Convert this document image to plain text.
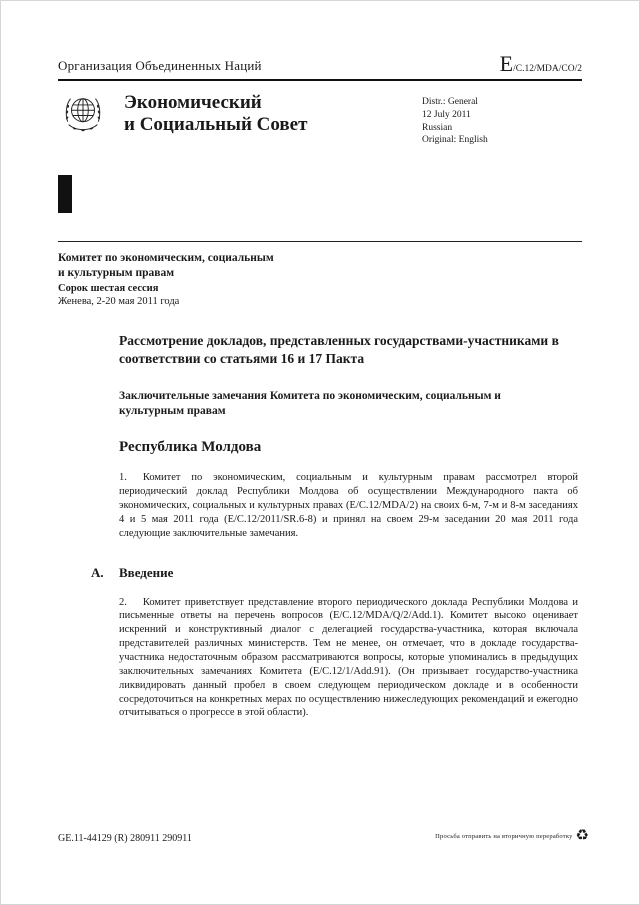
Организация Объединенных Наций	E/C.12/MDA/CO/2
Экономический
и Социальный Совет
Distr.: General
12 July 2011
Russian
Original: English
Комитет по экономическим, социальным
и культурным правам
Сорок шестая сессия
Женева, 2-20 мая 2011 года
Рассмотрение докладов, представленных государствами-участниками в соответствии со статьями 16 и 17 Пакта
Заключительные замечания Комитета по экономическим, социальным и культурным правам
Республика Молдова
1. Комитет по экономическим, социальным и культурным правам рассмотрел второй периодический доклад Республики Молдова об осуществлении Международного пакта об экономических, социальных и культурных правах (E/C.12/MDA/2) на своих 6-м, 7-м и 8-м заседаниях 4 и 5 мая 2011 года (E/C.12/2011/SR.6-8) и принял на своем 29-м заседании 20 мая 2011 года следующие заключительные замечания.
A. Введение
2. Комитет приветствует представление второго периодического доклада Республики Молдова и письменные ответы на перечень вопросов (E/C.12/MDA/Q/2/Add.1). Комитет высоко оценивает искренний и конструктивный диалог с делегацией государства-участника, которая включала представителей различных министерств. Тем не менее, он отмечает, что в докладе государства-участника недостаточным образом рассматриваются вопросы, которые упоминались в предыдущих заключительных замечаниях Комитета (E/C.12/1/Add.91). (Он призывает государство-участника ликвидировать данный пробел в своем следующем периодическом докладе и в особенности сосредоточиться на конкретных мерах по осуществлению нижеследующих рекомендаций и ежегодно отчитываться о прогрессе в этой области).
GE.11-44129 (R) 280911 290911	Просьба отправить на вторичную переработку ♻
